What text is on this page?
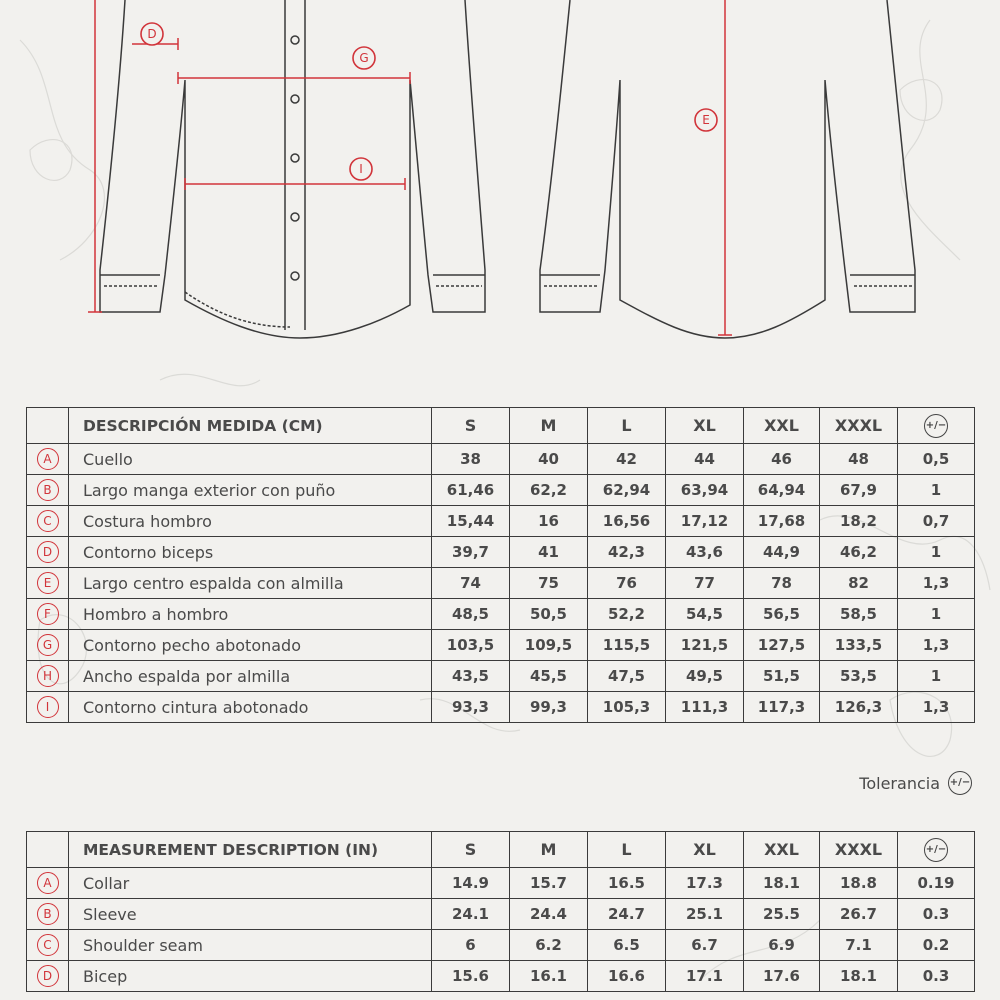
D
G
I
E
	DESCRIPCIÓN MEDIDA (CM)	S	M	L	XL	XXL	XXXL	+/−
A	Cuello	38	40	42	44	46	48	0,5
B	Largo manga exterior con puño	61,46	62,2	62,94	63,94	64,94	67,9	1
C	Costura hombro	15,44	16	16,56	17,12	17,68	18,2	0,7
D	Contorno biceps	39,7	41	42,3	43,6	44,9	46,2	1
E	Largo centro espalda con almilla	74	75	76	77	78	82	1,3
F	Hombro a hombro	48,5	50,5	52,2	54,5	56,5	58,5	1
G	Contorno pecho abotonado	103,5	109,5	115,5	121,5	127,5	133,5	1,3
H	Ancho espalda por almilla	43,5	45,5	47,5	49,5	51,5	53,5	1
I	Contorno cintura abotonado	93,3	99,3	105,3	111,3	117,3	126,3	1,3
Tolerancia +/−
	MEASUREMENT DESCRIPTION (IN)	S	M	L	XL	XXL	XXXL	+/−
A	Collar	14.9	15.7	16.5	17.3	18.1	18.8	0.19
B	Sleeve	24.1	24.4	24.7	25.1	25.5	26.7	0.3
C	Shoulder seam	6	6.2	6.5	6.7	6.9	7.1	0.2
D	Bicep	15.6	16.1	16.6	17.1	17.6	18.1	0.3
